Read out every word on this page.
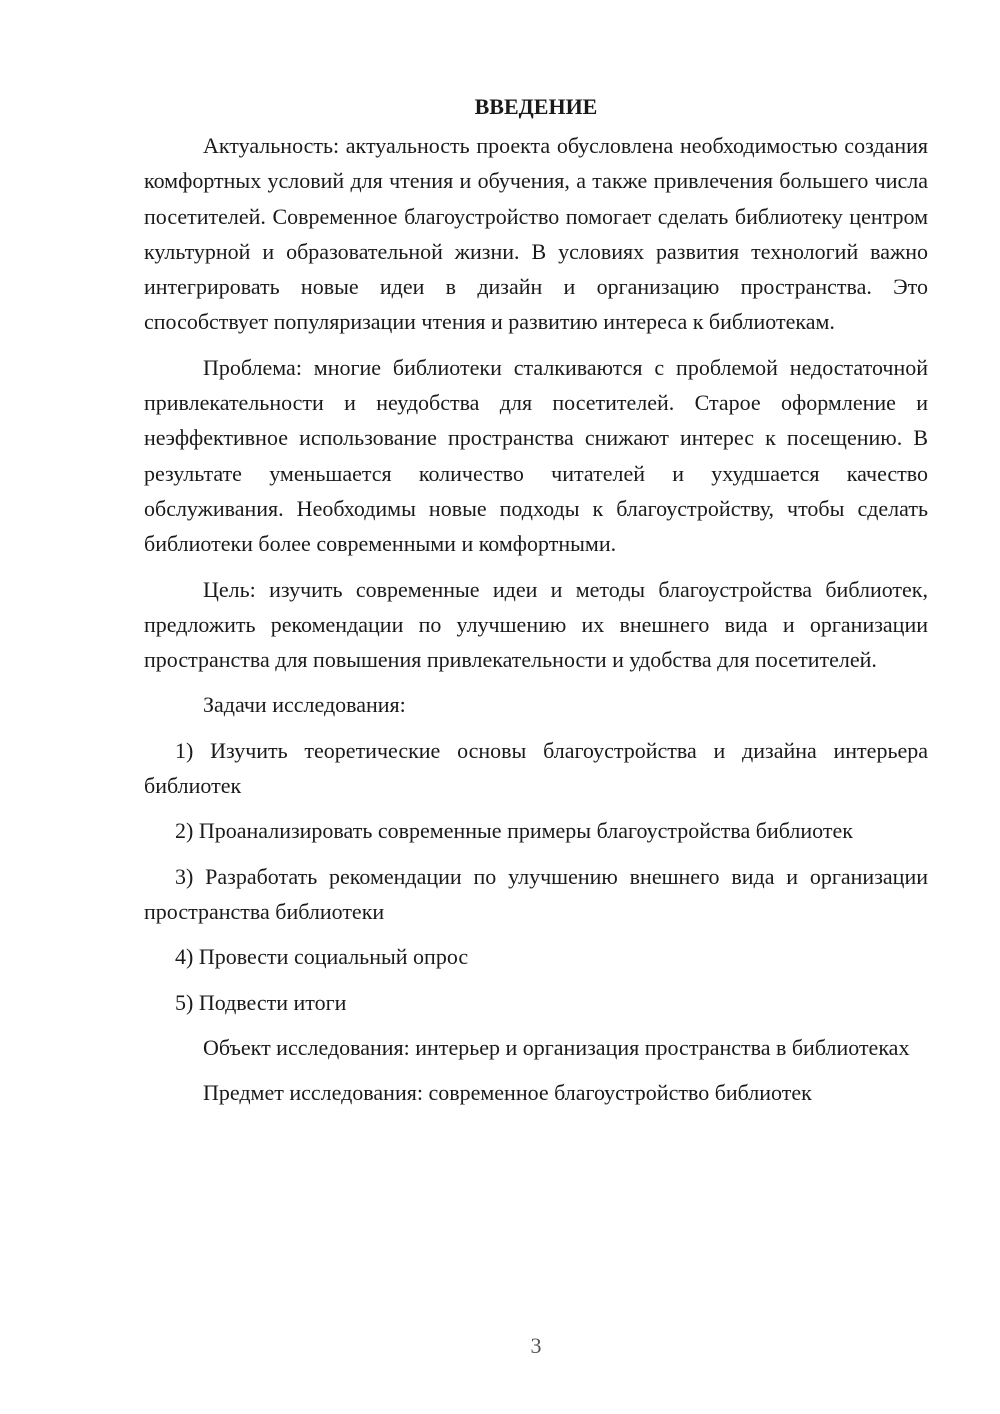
ВВЕДЕНИЕ

Актуальность: актуальность проекта обусловлена необходимостью создания комфортных условий для чтения и обучения, а также привлечения большего числа посетителей. Современное благоустройство помогает сделать библиотеку центром культурной и образовательной жизни. В условиях развития технологий важно интегрировать новые идеи в дизайн и организацию пространства. Это способствует популяризации чтения и развитию интереса к библиотекам.

Проблема: многие библиотеки сталкиваются с проблемой недостаточной привлекательности и неудобства для посетителей. Старое оформление и неэффективное использование пространства снижают интерес к посещению. В результате уменьшается количество читателей и ухудшается качество обслуживания. Необходимы новые подходы к благоустройству, чтобы сделать библиотеки более современными и комфортными.

Цель: изучить современные идеи и методы благоустройства библиотек, предложить рекомендации по улучшению их внешнего вида и организации пространства для повышения привлекательности и удобства для посетителей.

Задачи исследования:

1) Изучить теоретические основы благоустройства и дизайна интерьера библиотек

2) Проанализировать современные примеры благоустройства библиотек

3) Разработать рекомендации по улучшению внешнего вида и организации пространства библиотеки

4) Провести социальный опрос

5) Подвести итоги

Объект исследования: интерьер и организация пространства в библиотеках

Предмет исследования: современное благоустройство библиотек

3
